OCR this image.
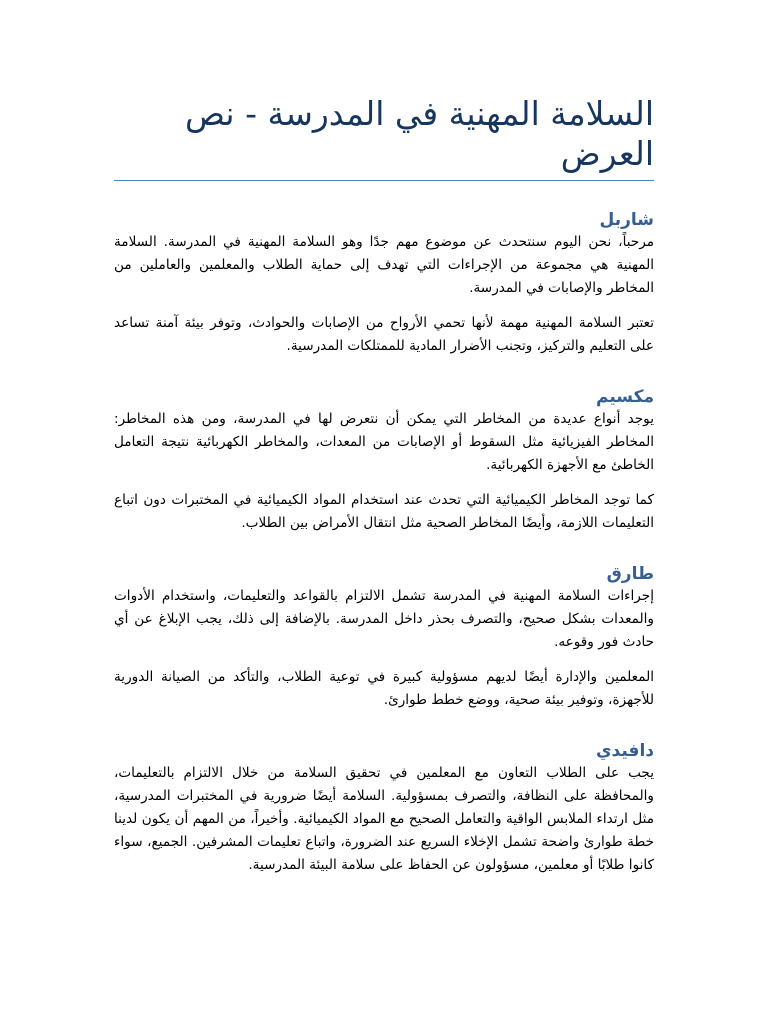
السلامة المهنية في المدرسة - نص العرض
شاربل

مرحباً، نحن اليوم سنتحدث عن موضوع مهم جدًا وهو السلامة المهنية في المدرسة. السلامة المهنية هي مجموعة من الإجراءات التي تهدف إلى حماية الطلاب والمعلمين والعاملين من المخاطر والإصابات في المدرسة.

تعتبر السلامة المهنية مهمة لأنها تحمي الأرواح من الإصابات والحوادث، وتوفر بيئة آمنة تساعد على التعليم والتركيز، وتجنب الأضرار المادية للممتلكات المدرسية.

مكسيم

يوجد أنواع عديدة من المخاطر التي يمكن أن نتعرض لها في المدرسة، ومن هذه المخاطر: المخاطر الفيزيائية مثل السقوط أو الإصابات من المعدات، والمخاطر الكهربائية نتيجة التعامل الخاطئ مع الأجهزة الكهربائية.

كما توجد المخاطر الكيميائية التي تحدث عند استخدام المواد الكيميائية في المختبرات دون اتباع التعليمات اللازمة، وأيضًا المخاطر الصحية مثل انتقال الأمراض بين الطلاب.

طارق

إجراءات السلامة المهنية في المدرسة تشمل الالتزام بالقواعد والتعليمات، واستخدام الأدوات والمعدات بشكل صحيح، والتصرف بحذر داخل المدرسة. بالإضافة إلى ذلك، يجب الإبلاغ عن أي حادث فور وقوعه.

المعلمين والإدارة أيضًا لديهم مسؤولية كبيرة في توعية الطلاب، والتأكد من الصيانة الدورية للأجهزة، وتوفير بيئة صحية، ووضع خطط طوارئ.

دافيدي

يجب على الطلاب التعاون مع المعلمين في تحقيق السلامة من خلال الالتزام بالتعليمات، والمحافظة على النظافة، والتصرف بمسؤولية. السلامة أيضًا ضرورية في المختبرات المدرسية، مثل ارتداء الملابس الواقية والتعامل الصحيح مع المواد الكيميائية. وأخيراً، من المهم أن يكون لدينا خطة طوارئ واضحة تشمل الإخلاء السريع عند الضرورة، واتباع تعليمات المشرفين. الجميع، سواء كانوا طلابًا أو معلمين، مسؤولون عن الحفاظ على سلامة البيئة المدرسية.
